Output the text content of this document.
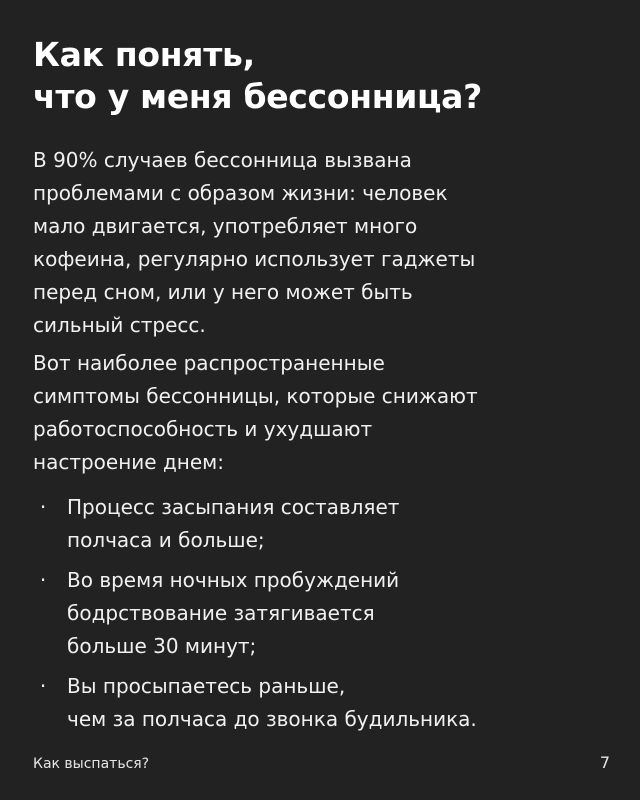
Как понять,
что у меня бессонница?

В 90% случаев бессонница вызвана
проблемами с образом жизни: человек
мало двигается, употребляет много
кофеина, регулярно использует гаджеты
перед сном, или у него может быть
сильный стресс.

Вот наиболее распространенные
симптомы бессонницы, которые снижают
работоспособность и ухудшают
настроение днем:

·	Процесс засыпания составляет
полчаса и больше;
·	Во время ночных пробуждений
бодрствование затягивается
больше 30 минут;
·	Вы просыпаетесь раньше,
чем за полчаса до звонка будильника.
Как выспаться?	7
